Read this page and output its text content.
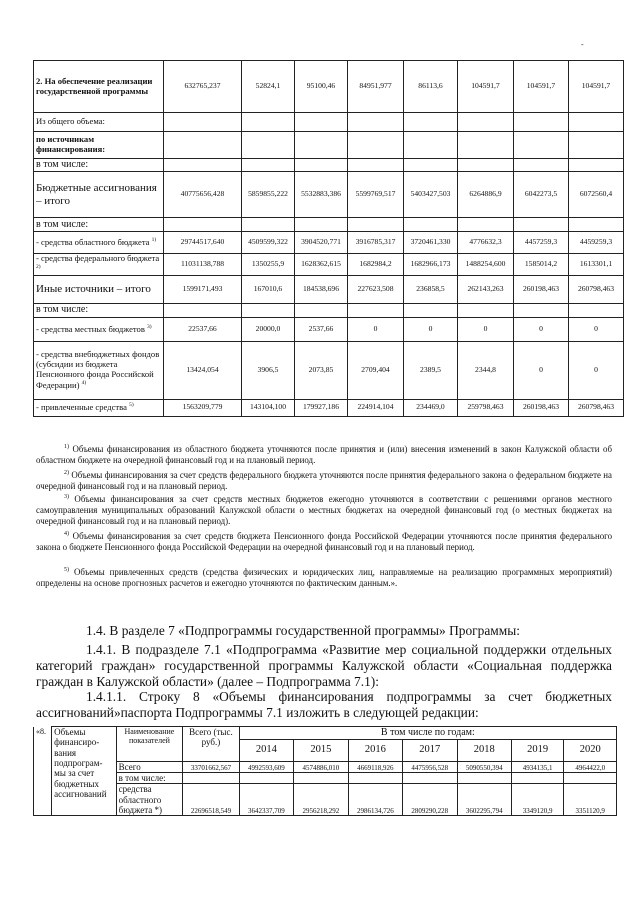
-
2. На обеспечение реализации государственной программы	632765,237	52824,1	95100,46	84951,977	86113,6	104591,7	104591,7	104591,7
Из общего объема:								
по источникам финансирования:								
в том числе:								
Бюджетные ассигнования – итого	40775656,428	5859855,222	5532883,386	5599769,517	5403427,503	6264886,9	6042273,5	6072560,4
в том числе:								
- средства областного бюджета $^{1)}$	29744517,640	4509599,322	3904520,771	3916785,317	3720461,330	4776632,3	4457259,3	4459259,3
- средства федерального бюджета $^{2)}$	11031138,788	1350255,9	1628362,615	1682984,2	1682966,173	1488254,600	1585014,2	1613301,1
Иные источники – итого	1599171,493	167010,6	184538,696	227623,508	236858,5	262143,263	260198,463	260798,463
в том числе:								
- средства местных бюджетов $^{3)}$	22537,66	20000,0	2537,66	0	0	0	0	0
- средства внебюджетных фондов (субсидии из бюджета Пенсионного фонда Российской Федерации) $^{4)}$	13424,054	3906,5	2073,85	2709,404	2389,5	2344,8	0	0
- привлеченные средства $^{5)}$	1563209,779	143104,100	179927,186	224914,104	234469,0	259798,463	260198,463	260798,463

$^{1)}$ Объемы финансирования из областного бюджета уточняются после принятия и (или) внесения изменений в закон Калужской области об областном бюджете на очередной финансовый год и на плановый период.

$^{2)}$ Объемы финансирования за счет средств федерального бюджета уточняются после принятия федерального закона о федеральном бюджете на очередной финансовый год и на плановый период.

$^{3)}$ Объемы финансирования за счет средств местных бюджетов ежегодно уточняются в соответствии с решениями органов местного самоуправления муниципальных образований Калужской области о местных бюджетах на очередной финансовый год (о местных бюджетах на очередной финансовый год и на плановый период).

$^{4)}$ Объемы финансирования за счет средств бюджета Пенсионного фонда Российской Федерации уточняются после принятия федерального закона о бюджете Пенсионного фонда Российской Федерации на очередной финансовый год и на плановый период.

$^{5)}$ Объемы привлеченных средств (средства физических и юридических лиц, направляемые на реализацию программных мероприятий) определены на основе прогнозных расчетов и ежегодно уточняются по фактическим данным.».

1.4. В разделе 7 «Подпрограммы государственной программы» Программы:

1.4.1. В подразделе 7.1 «Подпрограмма «Развитие мер социальной поддержки отдельных категорий граждан» государственной программы Калужской области «Социальная поддержка граждан в Калужской области» (далее – Подпрограмма 7.1):

1.4.1.1. Строку 8 «Объемы финансирования подпрограммы за счет бюджетных ассигнований»паспорта Подпрограммы 7.1 изложить в следующей редакции:

«8.	Объемы финансиро-вания подпрограм-мы за счет бюджетных ассигнований	Наименование показателей	Всего (тыс. руб.)	В том числе по годам:						
				2014	2015	2016	2017	2018	2019	2020
		Всего	33701662,567	4992593,609	4574886,010	4669118,926	4475956,528	5090550,394	4934135,1	4964422,0
		в том числе:								
		средства областного бюджета *)	22696518,549	3642337,709	2956218,292	2986134,726	2809290,228	3602295,794	3349120,9	3351120,9
